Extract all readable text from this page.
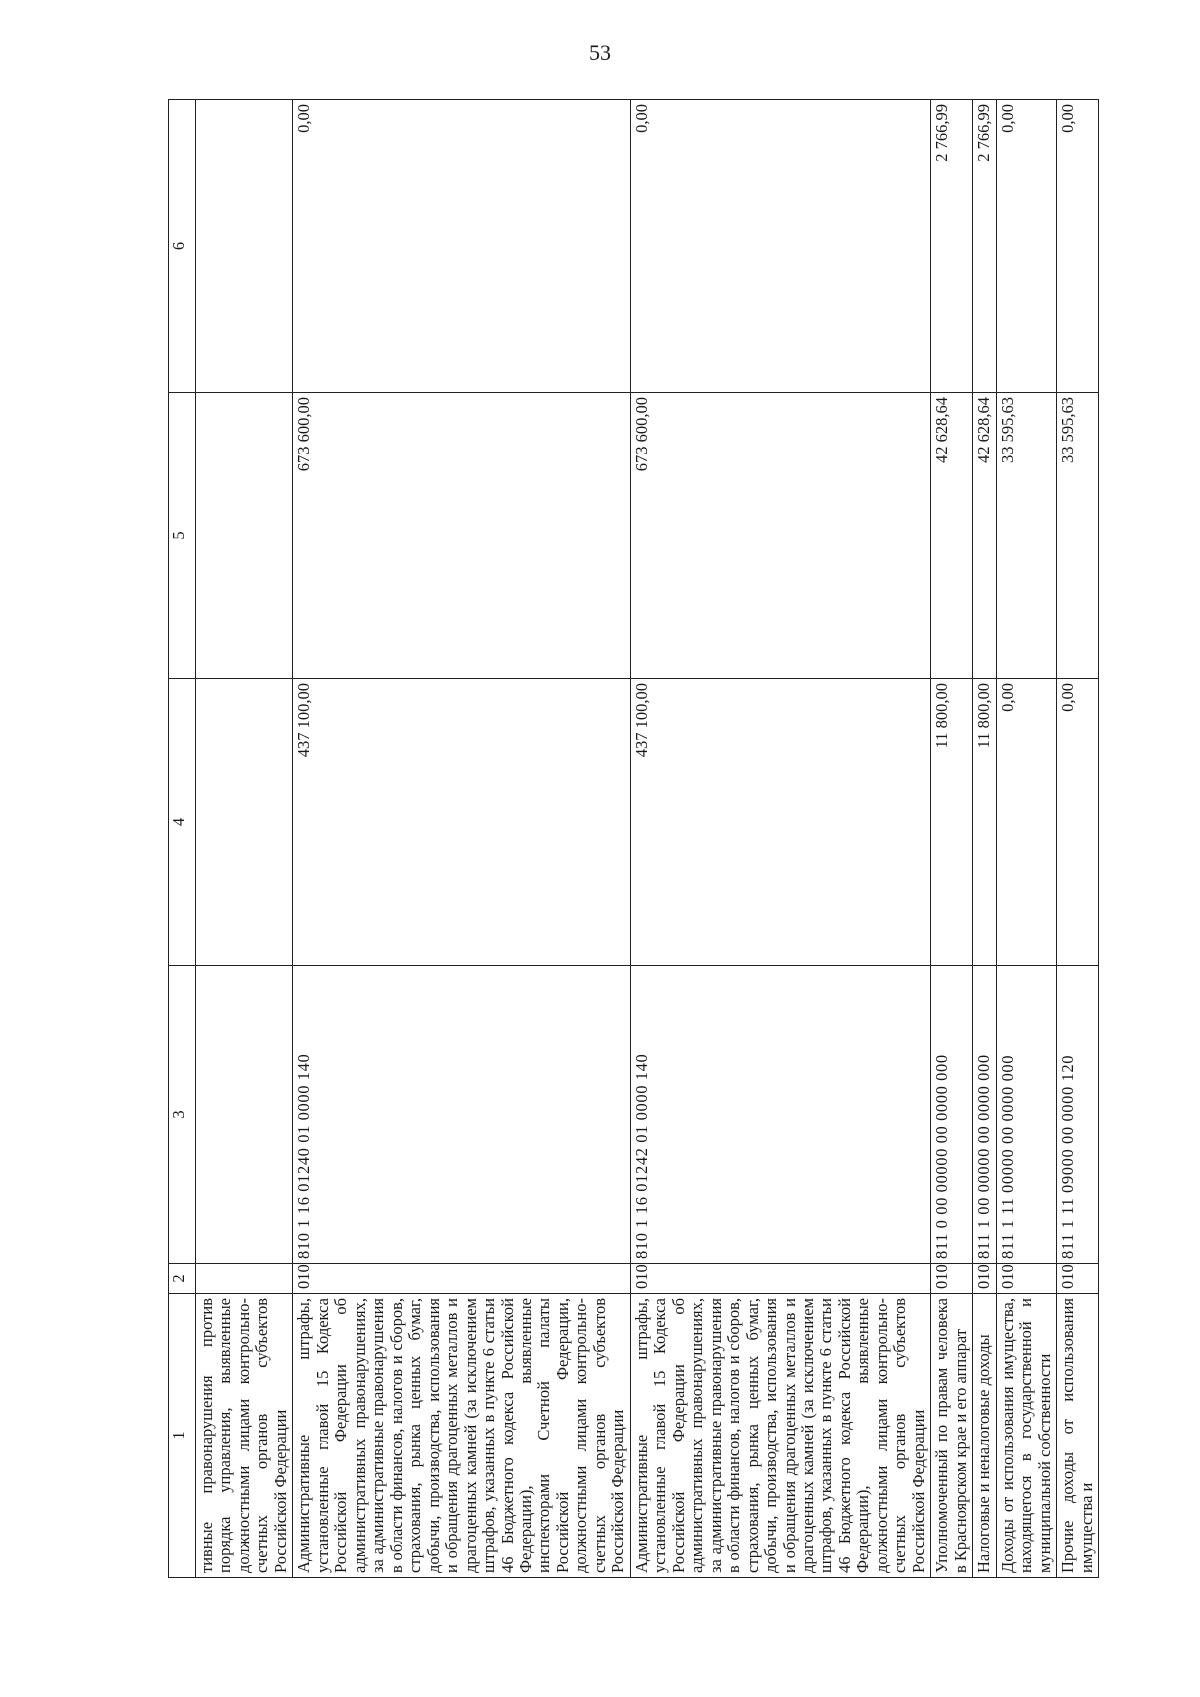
53
1	2	3	4	5	6
тивные правонарушения против порядка управления, выявленные должностными лицами контрольно-счетных органов субъектов Российской Федерации					
Административные штрафы, установленные главой 15 Кодекса Российской Федерации об административных правонарушениях, за административные правонарушения в области финансов, налогов и сборов, страхования, рынка ценных бумаг, добычи, производства, использования и обращения драгоценных металлов и драгоценных камней (за исключением штрафов, указанных в пункте 6 статьи 46 Бюджетного кодекса Российской Федерации), выявленные инспекторами Счетной палаты Российской Федерации, должностными лицами контрольно-счетных органов субъектов Российской Федерации	010	810 1 16 01240 01 0000 140	437 100,00	673 600,00	0,00
Административные штрафы, установленные главой 15 Кодекса Российской Федерации об административных правонарушениях, за административные правонарушения в области финансов, налогов и сборов, страхования, рынка ценных бумаг, добычи, производства, использования и обращения драгоценных металлов и драгоценных камней (за исключением штрафов, указанных в пункте 6 статьи 46 Бюджетного кодекса Российской Федерации), выявленные должностными лицами контрольно-счетных органов субъектов Российской Федерации	010	810 1 16 01242 01 0000 140	437 100,00	673 600,00	0,00
Уполномоченный по правам человека в Красноярском крае и его аппарат	010	811 0 00 00000 00 0000 000	11 800,00	42 628,64	2 766,99
Налоговые и неналоговые доходы	010	811 1 00 00000 00 0000 000	11 800,00	42 628,64	2 766,99
Доходы от использования имущества, находящегося в государственной и муниципальной собственности	010	811 1 11 00000 00 0000 000	0,00	33 595,63	0,00
Прочие доходы от использования имущества и	010	811 1 11 09000 00 0000 120	0,00	33 595,63	0,00
